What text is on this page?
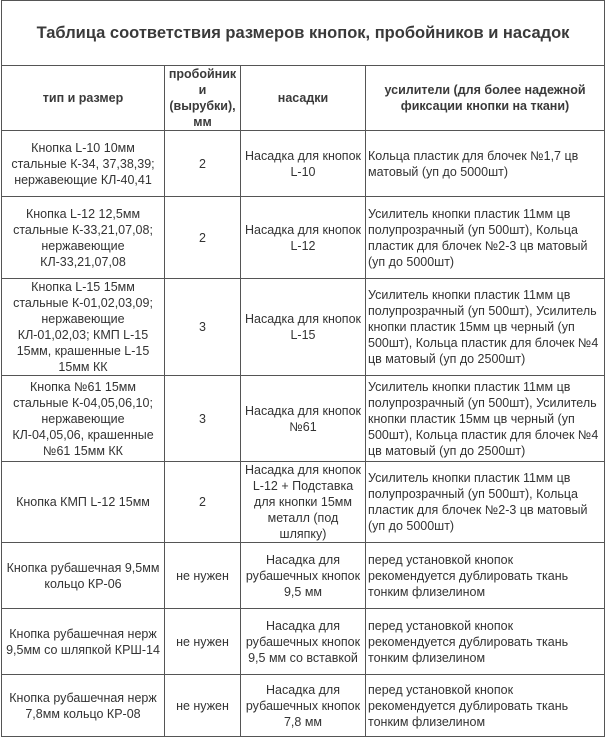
Таблица соответствия размеров кнопок, пробойников и насадок			
тип и размер	пробойники (вырубки), мм	насадки	усилители (для более надежной фиксации кнопки на ткани)
Кнопка L-10 10мм стальные К-34, 37,38,39; нержавеющие КЛ-40,41	2	Насадка для кнопок L-10	Кольца пластик для блочек №1,7 цв матовый (уп до 5000шт)
Кнопка L-12 12,5мм стальные К-33,21,07,08; нержавеющие КЛ-33,21,07,08	2	Насадка для кнопок L-12	Усилитель кнопки пластик 11мм цв полупрозрачный (уп 500шт), Кольца пластик для блочек №2-3 цв матовый (уп до 5000шт)
Кнопка L-15 15мм стальные К-01,02,03,09; нержавеющие КЛ-01,02,03; КМП L-15 15мм, крашенные L-15 15мм КК	3	Насадка для кнопок L-15	Усилитель кнопки пластик 11мм цв полупрозрачный (уп 500шт), Усилитель кнопки пластик 15мм цв черный (уп 500шт), Кольца пластик для блочек №4 цв матовый (уп до 2500шт)
Кнопка №61 15мм стальные К-04,05,06,10; нержавеющие КЛ-04,05,06, крашенные №61 15мм КК	3	Насадка для кнопок №61	Усилитель кнопки пластик 11мм цв полупрозрачный (уп 500шт), Усилитель кнопки пластик 15мм цв черный (уп 500шт), Кольца пластик для блочек №4 цв матовый (уп до 2500шт)
Кнопка КМП L-12 15мм	2	Насадка для кнопок L-12 + Подставка для кнопки 15мм металл (под шляпку)	Усилитель кнопки пластик 11мм цв полупрозрачный (уп 500шт), Кольца пластик для блочек №2-3 цв матовый (уп до 5000шт)
Кнопка рубашечная 9,5мм кольцо КР-06	не нужен	Насадка для рубашечных кнопок 9,5 мм	перед установкой кнопок рекомендуется дублировать ткань тонким флизелином
Кнопка рубашечная нерж 9,5мм со шляпкой КРШ-14	не нужен	Насадка для рубашечных кнопок 9,5 мм со вставкой	перед установкой кнопок рекомендуется дублировать ткань тонким флизелином
Кнопка рубашечная нерж 7,8мм кольцо КР-08	не нужен	Насадка для рубашечных кнопок 7,8 мм	перед установкой кнопок рекомендуется дублировать ткань тонким флизелином
